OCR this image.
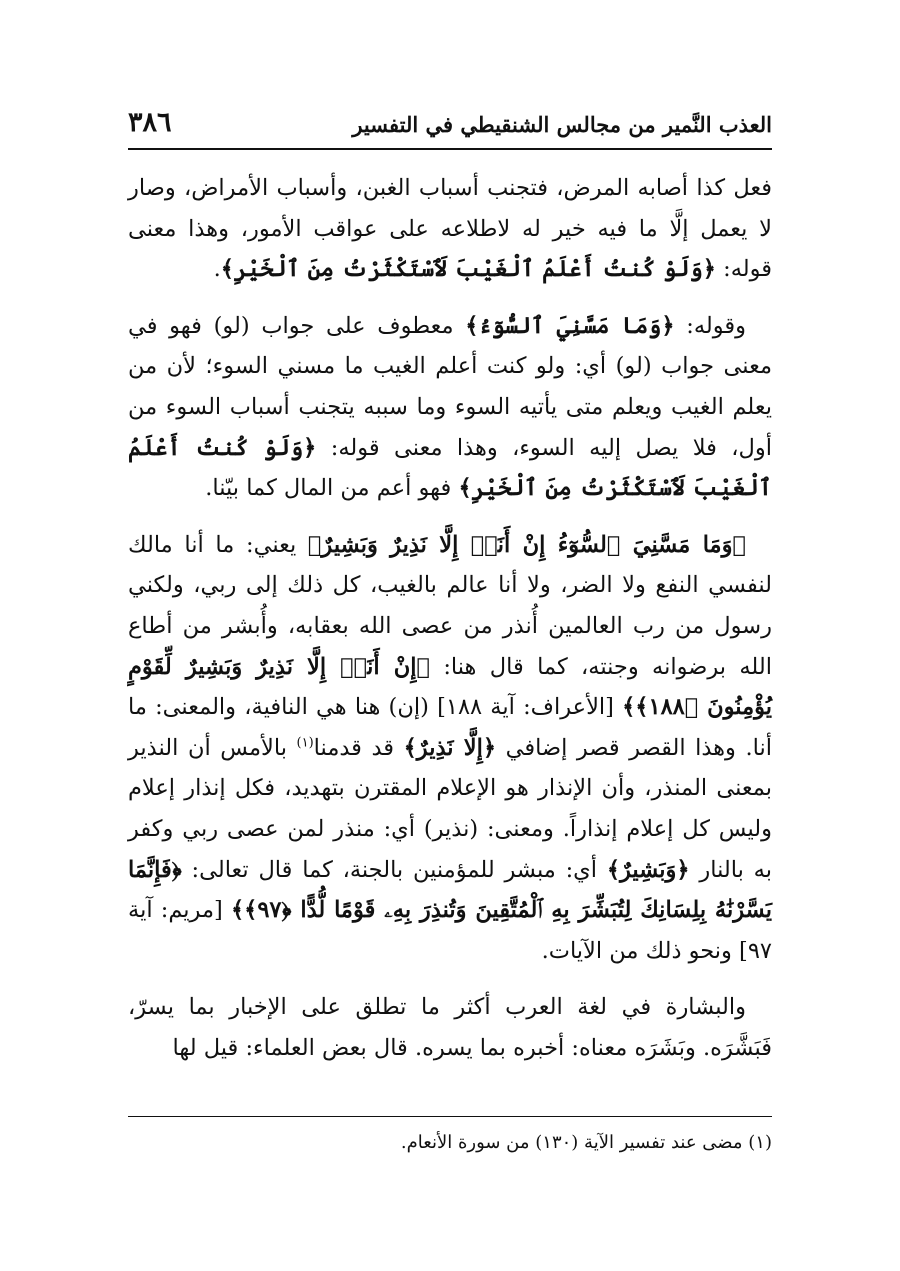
العذب النَّمير من مجالس الشنقيطي في التفسير
٣٨٦

فعل كذا أصابه المرض، فتجنب أسباب الغبن، وأسباب الأمراض، وصار لا يعمل إلَّا ما فيه خير له لاطلاعه على عواقب الأمور، وهذا معنى قوله: ﴿وَلَوْ كُنتُ أَعْلَمُ ٱلْغَيْبَ لَٱسْتَكْثَرْتُ مِنَ ٱلْخَيْرِ﴾.

وقوله: ﴿وَمَا مَسَّنِيَ ٱلسُّوٓءُ﴾ معطوف على جواب (لو) فهو في معنى جواب (لو) أي: ولو كنت أعلم الغيب ما مسني السوء؛ لأن من يعلم الغيب ويعلم متى يأتيه السوء وما سببه يتجنب أسباب السوء من أول، فلا يصل إليه السوء، وهذا معنى قوله: ﴿وَلَوْ كُنتُ أَعْلَمُ ٱلْغَيْبَ لَٱسْتَكْثَرْتُ مِنَ ٱلْخَيْرِ﴾ فهو أعم من المال كما بيّنا.

﴿وَمَا مَسَّنِيَ ٱلسُّوٓءُ إِنْ أَنَا۠ إِلَّا نَذِيرٌ وَبَشِيرٌ﴾ يعني: ما أنا مالك لنفسي النفع ولا الضر، ولا أنا عالم بالغيب، كل ذلك إلى ربي، ولكني رسول من رب العالمين أُنذر من عصى الله بعقابه، وأُبشر من أطاع الله برضوانه وجنته، كما قال هنا: ﴿إِنْ أَنَا۠ إِلَّا نَذِيرٌ وَبَشِيرٌ لِّقَوْمٍ يُؤْمِنُونَ ﴿١٨٨﴾﴾ [الأعراف: آية ١٨٨] (إن) هنا هي النافية، والمعنى: ما أنا. وهذا القصر قصر إضافي ﴿إِلَّا نَذِيرٌ﴾ قد قدمنا$^{(١)}$ بالأمس أن النذير بمعنى المنذر، وأن الإنذار هو الإعلام المقترن بتهديد، فكل إنذار إعلام وليس كل إعلام إنذاراً. ومعنى: (نذير) أي: منذر لمن عصى ربي وكفر به بالنار ﴿وَبَشِيرٌ﴾ أي: مبشر للمؤمنين بالجنة، كما قال تعالى: ﴿فَإِنَّمَا يَسَّرْنَٰهُ بِلِسَانِكَ لِتُبَشِّرَ بِهِ ٱلْمُتَّقِينَ وَتُنذِرَ بِهِۦ قَوْمًا لُّدًّا ﴿٩٧﴾﴾ [مريم: آية ٩٧] ونحو ذلك من الآيات.

والبشارة في لغة العرب أكثر ما تطلق على الإخبار بما يسرّ، فَبَشَّرَه. وبَشَرَه معناه: أخبره بما يسره. قال بعض العلماء: قيل لها

(١) مضى عند تفسير الآية (١٣٠) من سورة الأنعام.
